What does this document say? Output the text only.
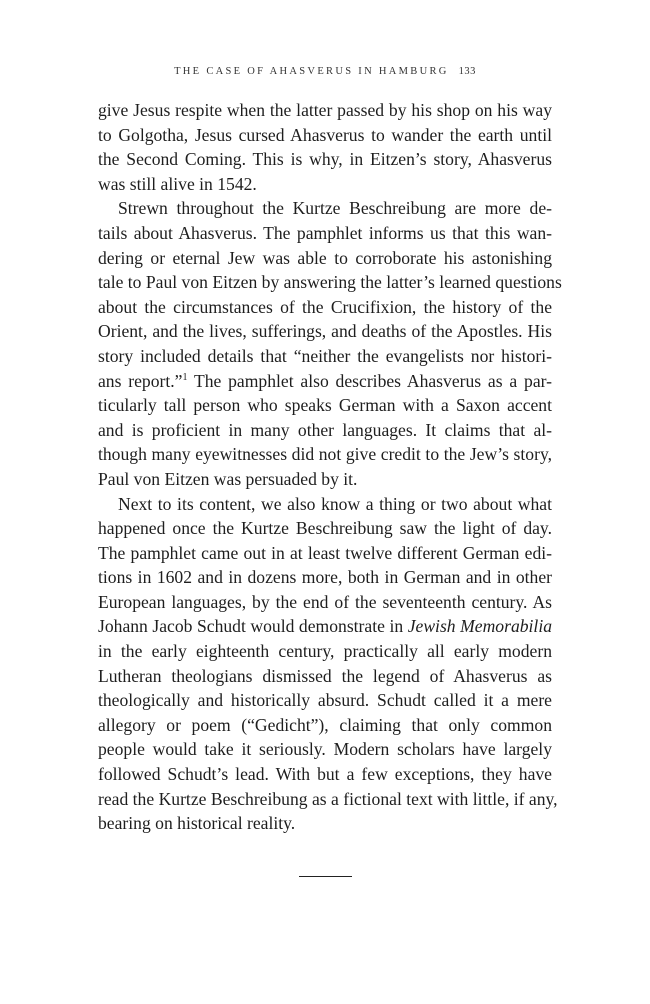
THE CASE OF AHASVERUS IN HAMBURG 133
give Jesus respite when the latter passed by his shop on his way
to Golgotha, Jesus cursed Ahasverus to wander the earth until
the Second Coming. This is why, in Eitzen’s story, Ahasverus
was still alive in 1542.
Strewn throughout the Kurtze Beschreibung are more de-
tails about Ahasverus. The pamphlet informs us that this wan-
dering or eternal Jew was able to corroborate his astonishing
tale to Paul von Eitzen by answering the latter’s learned questions
about the circumstances of the Crucifixion, the history of the
Orient, and the lives, sufferings, and deaths of the Apostles. His
story included details that “neither the evangelists nor histori-
ans report.”$^1$ The pamphlet also describes Ahasverus as a par-
ticularly tall person who speaks German with a Saxon accent
and is proficient in many other languages. It claims that al-
though many eyewitnesses did not give credit to the Jew’s story,
Paul von Eitzen was persuaded by it.
Next to its content, we also know a thing or two about what
happened once the Kurtze Beschreibung saw the light of day.
The pamphlet came out in at least twelve different German edi-
tions in 1602 and in dozens more, both in German and in other
European languages, by the end of the seventeenth century. As
Johann Jacob Schudt would demonstrate in Jewish Memorabilia
in the early eighteenth century, practically all early modern
Lutheran theologians dismissed the legend of Ahasverus as
theologically and historically absurd. Schudt called it a mere
allegory or poem (“Gedicht”), claiming that only common
people would take it seriously. Modern scholars have largely
followed Schudt’s lead. With but a few exceptions, they have
read the Kurtze Beschreibung as a fictional text with little, if any,
bearing on historical reality.
